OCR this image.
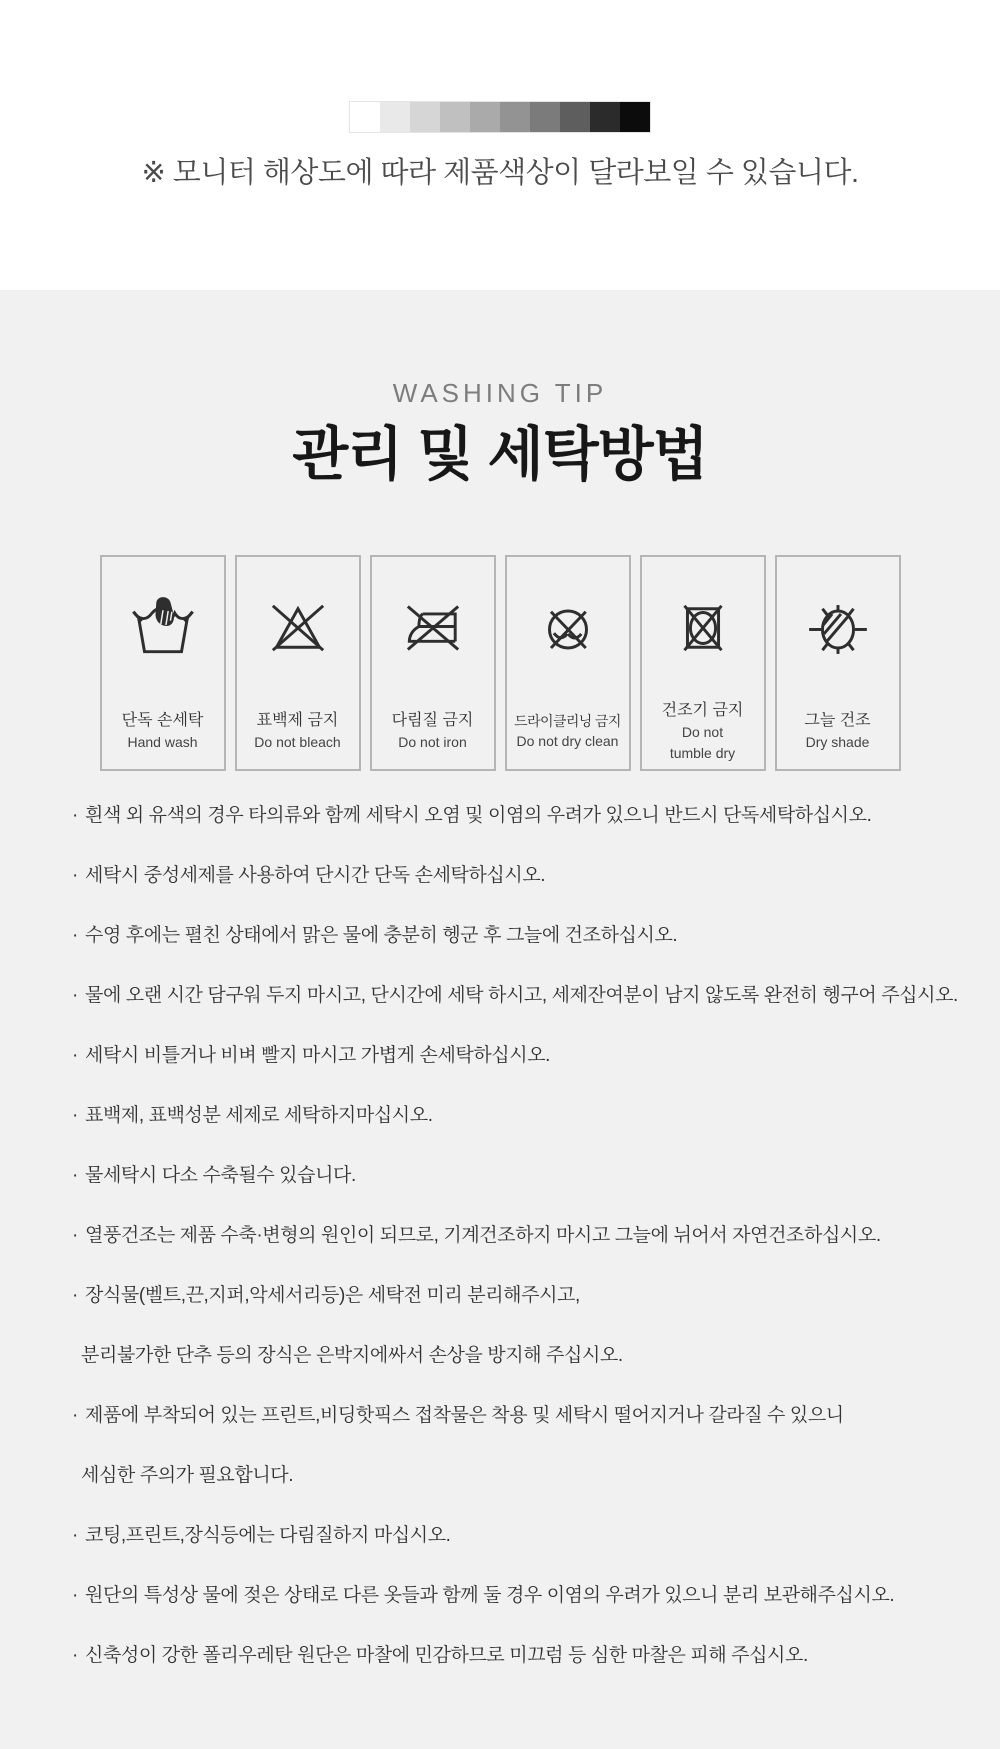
※ 모니터 해상도에 따라 제품색상이 달라보일 수 있습니다.

WASHING TIP
관리 및 세탁방법
단독 손세탁
Hand wash
표백제 금지
Do not bleach
다림질 금지
Do not iron
드라이클리닝 금지
Do not dry clean
건조기 금지
Do not
tumble dry
그늘 건조
Dry shade
· 흰색 외 유색의 경우 타의류와 함께 세탁시 오염 및 이염의 우려가 있으니 반드시 단독세탁하십시오.
· 세탁시 중성세제를 사용하여 단시간 단독 손세탁하십시오.
· 수영 후에는 펼친 상태에서 맑은 물에 충분히 헹군 후 그늘에 건조하십시오.
· 물에 오랜 시간 담구워 두지 마시고, 단시간에 세탁 하시고, 세제잔여분이 남지 않도록 완전히 헹구어 주십시오.
· 세탁시 비틀거나 비벼 빨지 마시고 가볍게 손세탁하십시오.
· 표백제, 표백성분 세제로 세탁하지마십시오.
· 물세탁시 다소 수축될수 있습니다.
· 열풍건조는 제품 수축·변형의 원인이 되므로, 기계건조하지 마시고 그늘에 뉘어서 자연건조하십시오.
· 장식물(벨트,끈,지퍼,악세서리등)은 세탁전 미리 분리해주시고,
분리불가한 단추 등의 장식은 은박지에싸서 손상을 방지해 주십시오.
· 제품에 부착되어 있는 프린트,비딩핫픽스 접착물은 착용 및 세탁시 떨어지거나 갈라질 수 있으니
세심한 주의가 필요합니다.
· 코팅,프린트,장식등에는 다림질하지 마십시오.
· 원단의 특성상 물에 젖은 상태로 다른 옷들과 함께 둘 경우 이염의 우려가 있으니 분리 보관해주십시오.
· 신축성이 강한 폴리우레탄 원단은 마찰에 민감하므로 미끄럼 등 심한 마찰은 피해 주십시오.
